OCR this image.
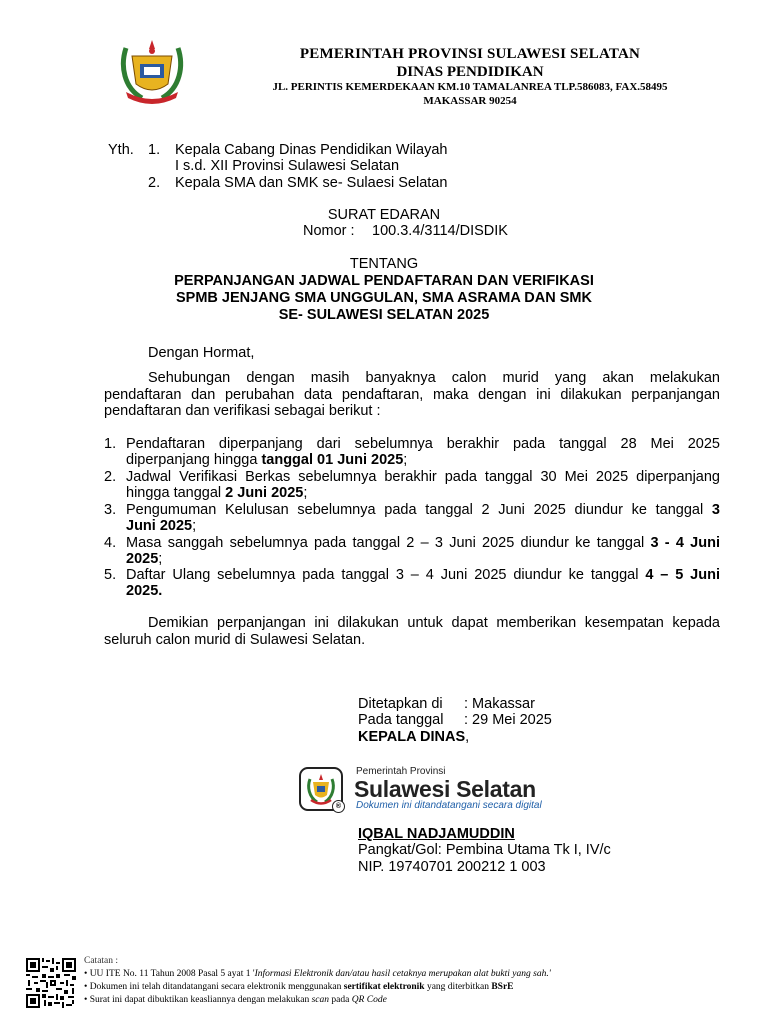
PEMERINTAH PROVINSI SULAWESI SELATAN
DINAS PENDIDIKAN
JL. PERINTIS KEMERDEKAAN KM.10 TAMALANREA TLP.586083, FAX.58495
MAKASSAR 90254
Yth. 1. Kepala Cabang Dinas Pendidikan Wilayah
I s.d. XII Provinsi Sulawesi Selatan
2. Kepala SMA dan SMK se- Sulaesi Selatan
SURAT EDARAN
Nomor : 100.3.4/3114/DISDIK
TENTANG
PERPANJANGAN JADWAL PENDAFTARAN DAN VERIFIKASI
SPMB JENJANG SMA UNGGULAN, SMA ASRAMA DAN SMK
SE- SULAWESI SELATAN 2025
Dengan Hormat,
Sehubungan dengan masih banyaknya calon murid yang akan melakukan
pendaftaran dan perubahan data pendaftaran, maka dengan ini dilakukan perpanjangan
pendaftaran dan verifikasi sebagai berikut :
1. Pendaftaran diperpanjang dari sebelumnya berakhir pada tanggal 28 Mei 2025
diperpanjang hingga tanggal 01 Juni 2025;
2. Jadwal Verifikasi Berkas sebelumnya berakhir pada tanggal 30 Mei 2025 diperpanjang
hingga tanggal 2 Juni 2025;
3. Pengumuman Kelulusan sebelumnya pada tanggal 2 Juni 2025 diundur ke tanggal 3
Juni 2025;
4. Masa sanggah sebelumnya pada tanggal 2 – 3 Juni 2025 diundur ke tanggal 3 - 4 Juni
2025;
5. Daftar Ulang sebelumnya pada tanggal 3 – 4 Juni 2025 diundur ke tanggal 4 – 5 Juni
2025.
Demikian perpanjangan ini dilakukan untuk dapat memberikan kesempatan kepada
seluruh calon murid di Sulawesi Selatan.
Ditetapkan di : Makassar
Pada tanggal : 29 Mei 2025
KEPALA DINAS,
®
Pemerintah Provinsi
Sulawesi Selatan
Dokumen ini ditandatangani secara digital
IQBAL NADJAMUDDIN
Pangkat/Gol: Pembina Utama Tk I, IV/c
NIP. 19740701 200212 1 003
Catatan :
• UU ITE No. 11 Tahun 2008 Pasal 5 ayat 1 'Informasi Elektronik dan/atau hasil cetaknya merupakan alat bukti yang sah.'
• Dokumen ini telah ditandatangani secara elektronik menggunakan sertifikat elektronik yang diterbitkan BSrE
• Surat ini dapat dibuktikan keasliannya dengan melakukan scan pada QR Code
